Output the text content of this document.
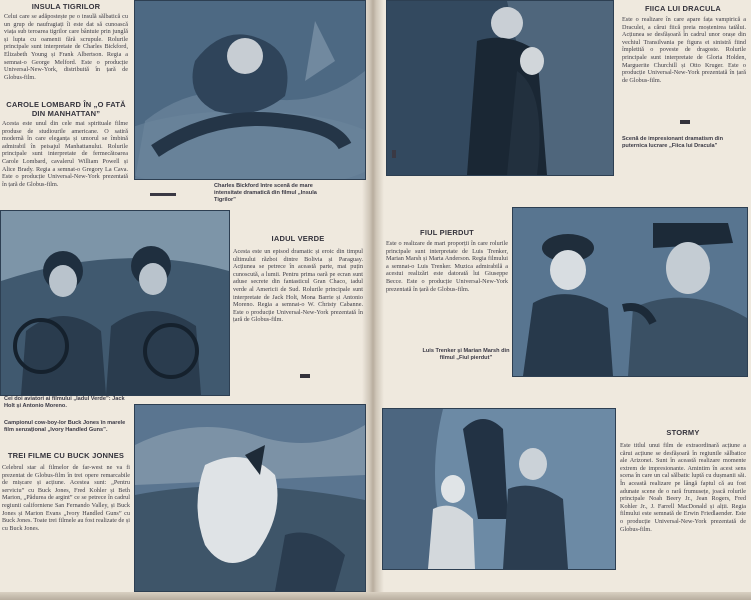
INSULA TIGRILOR
Celui care se adăpostește pe o insulă sălbatică cu un grup de naufragiați îi este dat să cunoască viața sub teroarea tigrilor care bântuie prin junglă și lupta cu oamenii fără scrupule. Rolurile principale sunt interpretate de Charles Bickford, Elizabeth Young și Frank Albertson. Regia a semnat-o George Melford. Este o producție Universal-New-York, distribuită în țară de Globus-film.
CAROLE LOMBARD ÎN „O FATĂ DIN MANHATTAN”
Acesta este unul din cele mai spirituale filme produse de studiourile americane. O satiră modernă în care eleganța și umorul se îmbină admirabil în peisajul Manhattanului. Rolurile principale sunt interpretate de fermecătoarea Carole Lombard, cavalerul William Powell și Alice Brady. Regia a semnat-o Gregory La Cava. Este o producție Universal-New-York prezentată în țară de Globus-film.	Charles Bickford între scenă de mare intensitate dramatică din filmul „Insula Tigrilor”
Cei doi aviatori ai filmului „Iadul Verde”: Jack Holt și Antonio Moreno.
IADUL VERDE
Acesta este un episod dramatic și eroic din timpul ultimului război dintre Bolivia și Paraguay. Acțiunea se petrece în această parte, mai puțin cunoscută, a lumii. Pentru prima oară pe ecran sunt aduse secrete din fantasticul Gran Chaco, iadul verde al Americii de Sud. Rolurile principale sunt interpretate de Jack Holt, Mona Barrie și Antonio Moreno. Regia a semnat-o W. Christy Cabanne. Este o producție Universal-New-York prezentată în țară de Globus-film.
Campionul cow-boy-lor Buck Jones în marele film senzațional „Ivory Handled Guns”.
TREI FILME CU BUCK JONNES
Celebrul star al filmelor de far-west ne va fi prezentat de Globus-film în trei opere remarcabile de mișcare și acțiune. Acestea sunt: „Pentru serviciu” cu Buck Jones, Fred Kohler și Beth Marion, „Pădurea de argint” ce se petrece în cadrul regiunii californiene San Fernando Valley, și Buck Jones și Marion Evans „Ivory Handled Guns” cu Buck Jones. Toate trei filmele au fost realizate de și cu Buck Jones.
FIICA LUI DRACULA
Este o realizare în care apare fața vampirică a Draculei, a cărui fiică preia moștenirea tatălui. Acțiunea se desfășoară în cadrul unor orașe din vechiul Transilvania pe figura ei sinistră fiind împletită o poveste de dragoste. Rolurile principale sunt interpretate de Gloria Holden, Marguerite Churchill și Otto Kruger. Este o producție Universal-New-York prezentată în țară de Globus-film.
Scenă de impresionant dramatism din puternica lucrare „Fiica lui Dracula”
FIUL PIERDUT
Este o realizare de mari proporții în care rolurile principale sunt interpretate de Luis Trenker, Marian Marsh și Marta Anderson. Regia filmului a semnat-o Luis Trenker. Muzica admirabilă a acestui realizări este datorată lui Giuseppe Becce. Este o producție Universal-New-York prezentată în țară de Globus-film.
Luis Trenker și Marian Marsh din filmul „Fiul pierdut”
STORMY
Este titlul unui film de extraordinară acțiune a cărui acțiune se desfășoară în regiunile sălbatice ale Arizonei. Sunt în această realizare momente extrem de impresionante. Amintim în acest sens scena în care un cal sălbatic luptă cu dușmanii săi. În această realizare pe lângă faptul că au fost adunate scene de o rară frumusețe, joacă rolurile principale Noah Beery Jr., Jean Rogers, Fred Kohler Jr., J. Farrell MacDonald și alții. Regia filmului este semnată de Erwin Friedlaender. Este o producție Universal-New-York prezentată de Globus-film.
